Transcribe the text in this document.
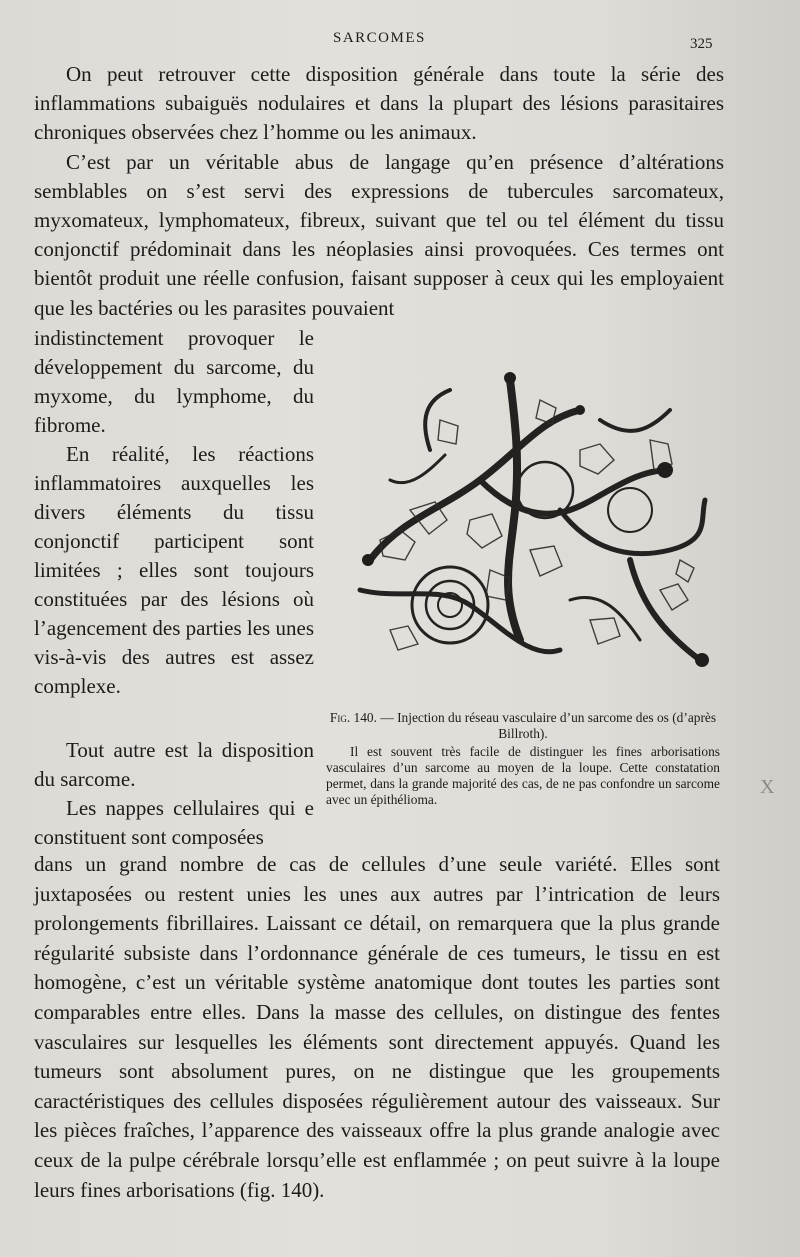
SARCOMES	325

On peut retrouver cette disposition générale dans toute la série des inflammations subaiguës nodulaires et dans la plupart des lésions parasitaires chroniques observées chez l’homme ou les animaux.

C’est par un véritable abus de langage qu’en présence d’altérations semblables on s’est servi des expressions de tubercules sarcomateux, myxomateux, lymphomateux, fibreux, suivant que tel ou tel élément du tissu conjonctif prédominait dans les néoplasies ainsi provoquées. Ces termes ont bientôt produit une réelle confusion, faisant supposer à ceux qui les employaient que les bactéries ou les parasites pouvaient

indistinctement provoquer le développement du sarcome, du myxome, du lymphome, du fibrome.

En réalité, les réactions inflammatoires auxquelles les divers éléments du tissu conjonctif participent sont limitées ; elles sont toujours constituées par des lésions où l’agencement des parties les unes vis-à-vis des autres est assez complexe.

Tout autre est la disposition du sarcome.

Les nappes cellulaires qui e constituent sont composées

Fig. 140. — Injection du réseau vasculaire d’un sarcome des os (d’après Billroth).

Il est souvent très facile de distinguer les fines arborisations vasculaires d’un sarcome au moyen de la loupe. Cette constatation permet, dans la grande majorité des cas, de ne pas confondre un sarcome avec un épithélioma.

X

dans un grand nombre de cas de cellules d’une seule variété. Elles sont juxtaposées ou restent unies les unes aux autres par l’intrication de leurs prolongements fibrillaires. Laissant ce détail, on remarquera que la plus grande régularité subsiste dans l’ordonnance générale de ces tumeurs, le tissu en est homogène, c’est un véritable système anatomique dont toutes les parties sont comparables entre elles. Dans la masse des cellules, on distingue des fentes vasculaires sur lesquelles les éléments sont directement appuyés. Quand les tumeurs sont absolument pures, on ne distingue que les groupements caractéristiques des cellules disposées régulièrement autour des vaisseaux. Sur les pièces fraîches, l’apparence des vaisseaux offre la plus grande analogie avec ceux de la pulpe cérébrale lorsqu’elle est enflammée ; on peut suivre à la loupe leurs fines arborisations (fig. 140).
